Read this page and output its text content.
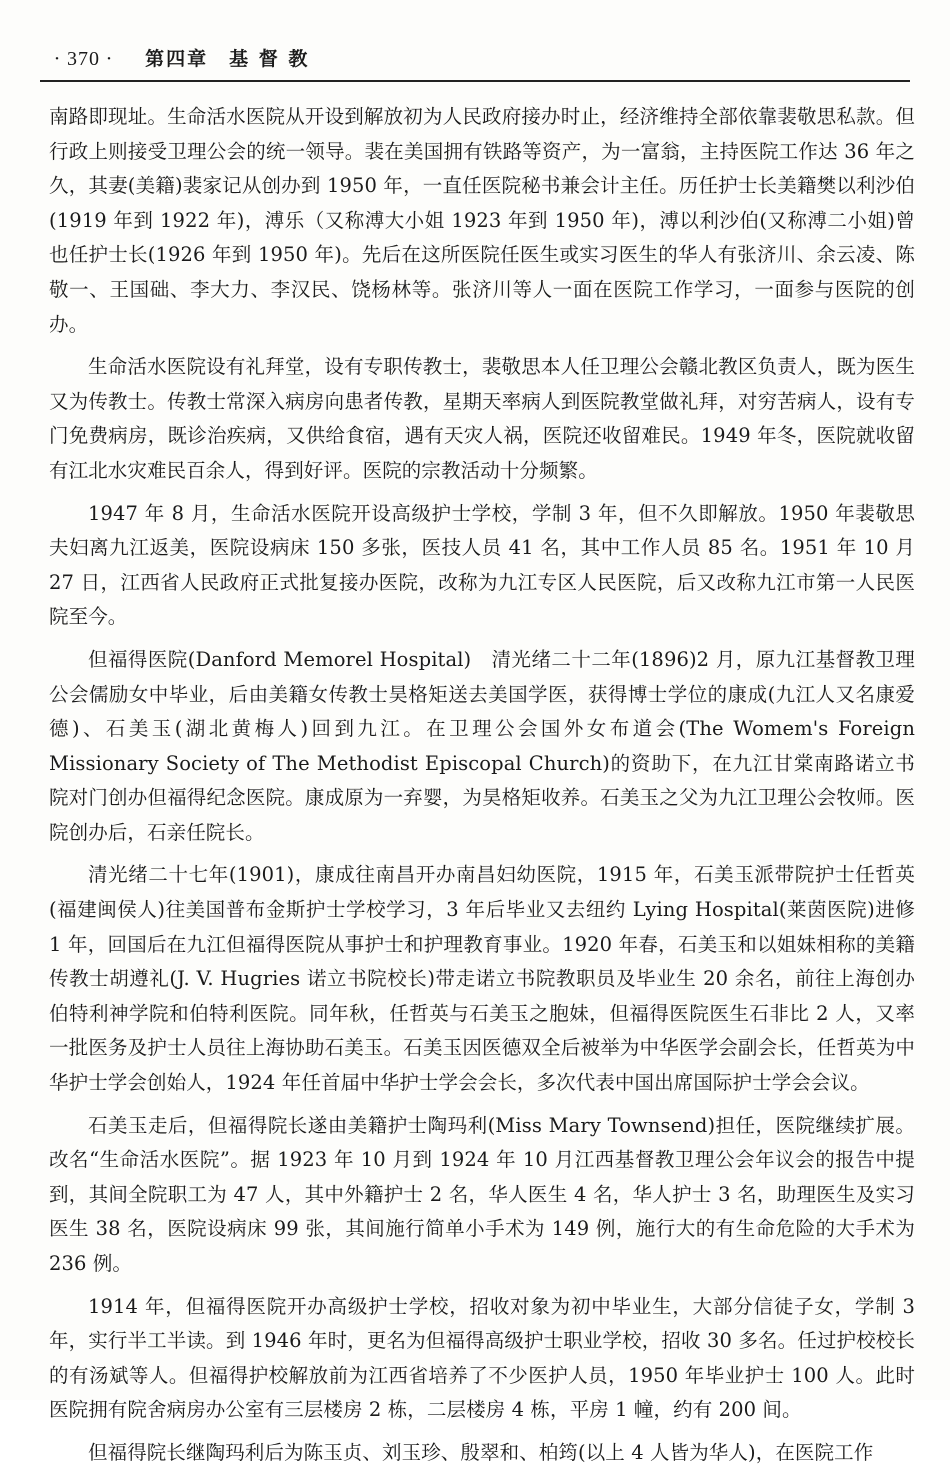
· 370 · 第四章　基 督 教

南路即现址。生命活水医院从开设到解放初为人民政府接办时止，经济维持全部依靠裴敬思私款。但行政上则接受卫理公会的统一领导。裴在美国拥有铁路等资产，为一富翁，主持医院工作达 36 年之久，其妻(美籍)裴家记从创办到 1950 年，一直任医院秘书兼会计主任。历任护士长美籍樊以利沙伯(1919 年到 1922 年)，溥乐（又称溥大小姐 1923 年到 1950 年)，溥以利沙伯(又称溥二小姐)曾也任护士长(1926 年到 1950 年)。先后在这所医院任医生或实习医生的华人有张济川、余云凌、陈敬一、王国础、李大力、李汉民、饶杨林等。张济川等人一面在医院工作学习，一面参与医院的创办。

生命活水医院设有礼拜堂，设有专职传教士，裴敬思本人任卫理公会赣北教区负责人，既为医生又为传教士。传教士常深入病房向患者传教，星期天率病人到医院教堂做礼拜，对穷苦病人，设有专门免费病房，既诊治疾病，又供给食宿，遇有天灾人祸，医院还收留难民。1949 年冬，医院就收留有江北水灾难民百余人，得到好评。医院的宗教活动十分频繁。

1947 年 8 月，生命活水医院开设高级护士学校，学制 3 年，但不久即解放。1950 年裴敬思夫妇离九江返美，医院设病床 150 多张，医技人员 41 名，其中工作人员 85 名。1951 年 10 月 27 日，江西省人民政府正式批复接办医院，改称为九江专区人民医院，后又改称九江市第一人民医院至今。

但福得医院(Danford Memorel Hospital)　清光绪二十二年(1896)2 月，原九江基督教卫理公会儒励女中毕业，后由美籍女传教士昊格矩送去美国学医，获得博士学位的康成(九江人又名康爱德)、石美玉(湖北黄梅人)回到九江。在卫理公会国外女布道会(The Womem's Foreign Missionary Society of The Methodist Episcopal Church)的资助下，在九江甘棠南路诺立书院对门创办但福得纪念医院。康成原为一弃婴，为昊格矩收养。石美玉之父为九江卫理公会牧师。医院创办后，石亲任院长。

清光绪二十七年(1901)，康成往南昌开办南昌妇幼医院，1915 年，石美玉派带院护士任哲英(福建闽侯人)往美国普布金斯护士学校学习，3 年后毕业又去纽约 Lying Hospital(莱茵医院)进修 1 年，回国后在九江但福得医院从事护士和护理教育事业。1920 年春，石美玉和以姐妹相称的美籍传教士胡遵礼(J. V. Hugries 诺立书院校长)带走诺立书院教职员及毕业生 20 余名，前往上海创办伯特利神学院和伯特利医院。同年秋，任哲英与石美玉之胞妹，但福得医院医生石非比 2 人，又率一批医务及护士人员往上海协助石美玉。石美玉因医德双全后被举为中华医学会副会长，任哲英为中华护士学会创始人，1924 年任首届中华护士学会会长，多次代表中国出席国际护士学会会议。

石美玉走后，但福得院长遂由美籍护士陶玛利(Miss Mary Townsend)担任，医院继续扩展。改名“生命活水医院”。据 1923 年 10 月到 1924 年 10 月江西基督教卫理公会年议会的报告中提到，其间全院职工为 47 人，其中外籍护士 2 名，华人医生 4 名，华人护士 3 名，助理医生及实习医生 38 名，医院设病床 99 张，其间施行简单小手术为 149 例，施行大的有生命危险的大手术为 236 例。

1914 年，但福得医院开办高级护士学校，招收对象为初中毕业生，大部分信徒子女，学制 3 年，实行半工半读。到 1946 年时，更名为但福得高级护士职业学校，招收 30 多名。任过护校校长的有汤斌等人。但福得护校解放前为江西省培养了不少医护人员，1950 年毕业护士 100 人。此时医院拥有院舍病房办公室有三层楼房 2 栋，二层楼房 4 栋，平房 1 幢，约有 200 间。

但福得院长继陶玛利后为陈玉贞、刘玉珍、殷翠和、柏筠(以上 4 人皆为华人)，在医院工作
